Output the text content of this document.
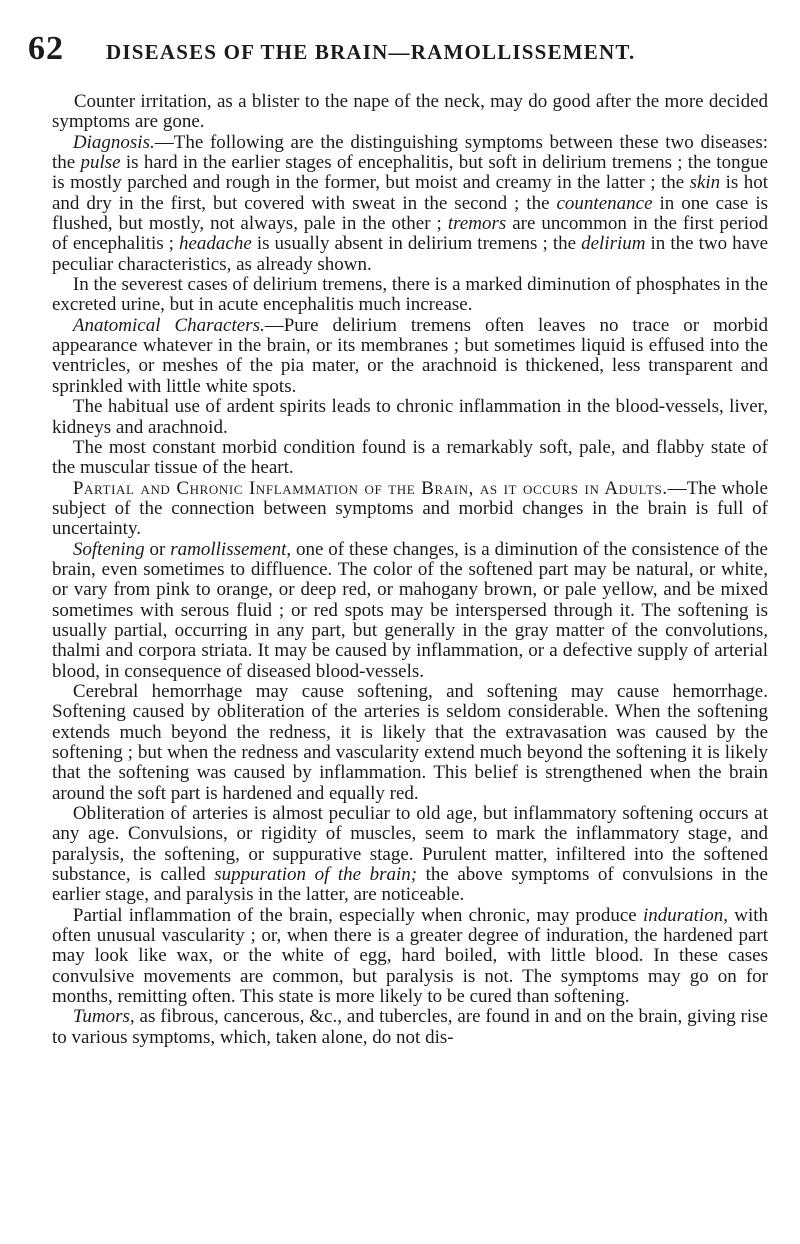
62	DISEASES OF THE BRAIN—RAMOLLISSEMENT.

Counter irritation, as a blister to the nape of the neck, may do good after the more decided symptoms are gone.

Diagnosis.—The following are the distinguishing symptoms between these two diseases: the pulse is hard in the earlier stages of encephalitis, but soft in delirium tremens ; the tongue is mostly parched and rough in the former, but moist and creamy in the latter ; the skin is hot and dry in the first, but covered with sweat in the second ; the countenance in one case is flushed, but mostly, not always, pale in the other ; tremors are uncommon in the first period of encephalitis ; headache is usually absent in delirium tremens ; the delirium in the two have peculiar characteristics, as already shown.

In the severest cases of delirium tremens, there is a marked diminution of phosphates in the excreted urine, but in acute encephalitis much increase.

Anatomical Characters.—Pure delirium tremens often leaves no trace or morbid appearance whatever in the brain, or its membranes ; but sometimes liquid is effused into the ventricles, or meshes of the pia mater, or the arachnoid is thickened, less transparent and sprinkled with little white spots.

The habitual use of ardent spirits leads to chronic inflammation in the blood-vessels, liver, kidneys and arachnoid.

The most constant morbid condition found is a remarkably soft, pale, and flabby state of the muscular tissue of the heart.

Partial and Chronic Inflammation of the Brain, as it occurs in Adults.—The whole subject of the connection between symptoms and morbid changes in the brain is full of uncertainty.

Softening or ramollissement, one of these changes, is a diminution of the consistence of the brain, even sometimes to diffluence. The color of the softened part may be natural, or white, or vary from pink to orange, or deep red, or mahogany brown, or pale yellow, and be mixed sometimes with serous fluid ; or red spots may be interspersed through it. The softening is usually partial, occurring in any part, but generally in the gray matter of the convolutions, thalmi and corpora striata. It may be caused by inflammation, or a defective supply of arterial blood, in consequence of diseased blood-vessels.

Cerebral hemorrhage may cause softening, and softening may cause hemorrhage. Softening caused by obliteration of the arteries is seldom considerable. When the softening extends much beyond the redness, it is likely that the extravasation was caused by the softening ; but when the redness and vascularity extend much beyond the softening it is likely that the softening was caused by inflammation. This belief is strengthened when the brain around the soft part is hardened and equally red.

Obliteration of arteries is almost peculiar to old age, but inflammatory softening occurs at any age. Convulsions, or rigidity of muscles, seem to mark the inflammatory stage, and paralysis, the softening, or suppurative stage. Purulent matter, infiltered into the softened substance, is called suppuration of the brain; the above symptoms of convulsions in the earlier stage, and paralysis in the latter, are noticeable.

Partial inflammation of the brain, especially when chronic, may produce induration, with often unusual vascularity ; or, when there is a greater degree of induration, the hardened part may look like wax, or the white of egg, hard boiled, with little blood. In these cases convulsive movements are common, but paralysis is not. The symptoms may go on for months, remitting often. This state is more likely to be cured than softening.

Tumors, as fibrous, cancerous, &c., and tubercles, are found in and on the brain, giving rise to various symptoms, which, taken alone, do not dis-
